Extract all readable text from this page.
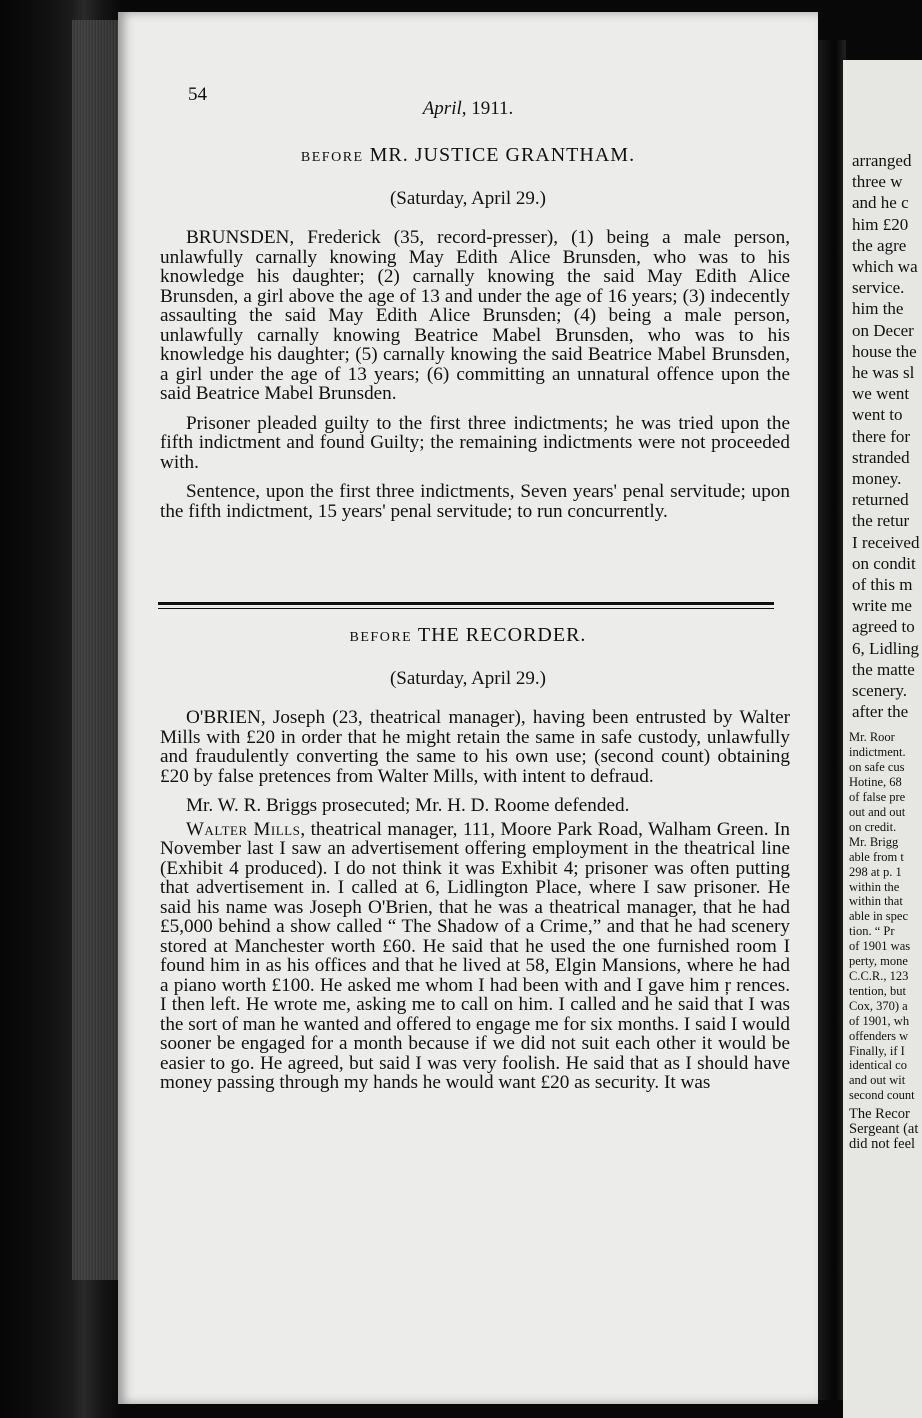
54
April, 1911.
BEFORE MR. JUSTICE GRANTHAM.
(Saturday, April 29.)

BRUNSDEN, Frederick (35, record-presser), (1) being a male person, unlawfully carnally knowing May Edith Alice Brunsden, who was to his knowledge his daughter; (2) carnally knowing the said May Edith Alice Brunsden, a girl above the age of 13 and under the age of 16 years; (3) indecently assaulting the said May Edith Alice Brunsden; (4) being a male person, unlawfully carnally knowing Beatrice Mabel Brunsden, who was to his knowledge his daughter; (5) carnally knowing the said Beatrice Mabel Brunsden, a girl under the age of 13 years; (6) committing an unnatural offence upon the said Beatrice Mabel Brunsden.

Prisoner pleaded guilty to the first three indictments; he was tried upon the fifth indictment and found Guilty; the remaining indictments were not proceeded with.

Sentence, upon the first three indictments, Seven years' penal servitude; upon the fifth indictment, 15 years' penal servitude; to run concurrently.

BEFORE THE RECORDER.
(Saturday, April 29.)

O'BRIEN, Joseph (23, theatrical manager), having been entrusted by Walter Mills with £20 in order that he might retain the same in safe custody, unlawfully and fraudulently converting the same to his own use; (second count) obtaining £20 by false pretences from Walter Mills, with intent to defraud.

Mr. W. R. Briggs prosecuted; Mr. H. D. Roome defended.

Walter Mills, theatrical manager, 111, Moore Park Road, Walham Green. In November last I saw an advertisement offering employment in the theatrical line (Exhibit 4 produced). I do not think it was Exhibit 4; prisoner was often putting that advertisement in. I called at 6, Lidlington Place, where I saw prisoner. He said his name was Joseph O'Brien, that he was a theatrical manager, that he had £5,000 behind a show called “ The Shadow of a Crime,” and that he had scenery stored at Manchester worth £60. He said that he used the one furnished room I found him in as his offices and that he lived at 58, Elgin Mansions, where he had a piano worth £100. He asked me whom I had been with and I gave him ŗ rences. I then left. He wrote me, asking me to call on him. I called and he said that I was the sort of man he wanted and offered to engage me for six months. I said I would sooner be engaged for a month because if we did not suit each other it would be easier to go. He agreed, but said I was very foolish. He said that as I should have money passing through my hands he would want £20 as security. It was

arranged
three w
and he c
him £20
the agre
which wa
service.
him the
on Decer
house the
he was sl
we went
went to
there for
stranded
money.
returned
the retur
I received
on condit
of this m
write me
agreed to
6, Lidling
the matte
scenery.
after the
Mr. Roor
indictment.
on safe cus
Hotine, 68
of false pre
out and out
on credit.
Mr. Brigg
able from t
298 at p. 1
within the
within that
able in spec
tion. “ Pr
of 1901 was
perty, mone
C.C.R., 123
tention, but
Cox, 370) a
of 1901, wh
offenders w
Finally, if I
identical co
and out wit
second count
The Recor
Sergeant (at
did not feel
